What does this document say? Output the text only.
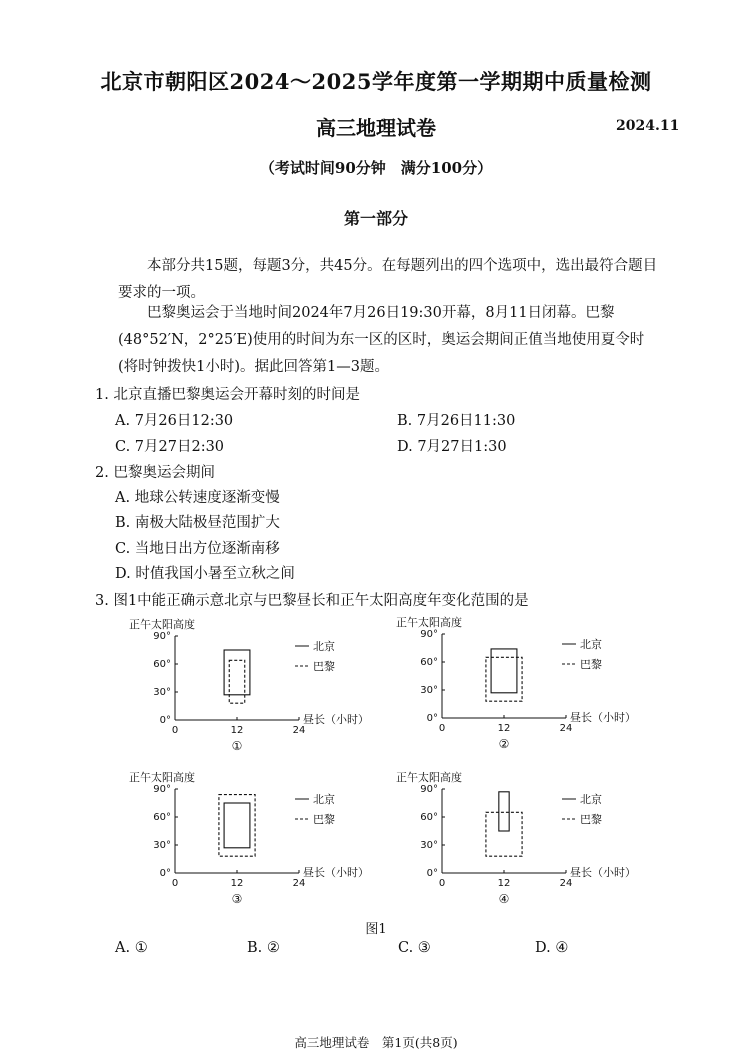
北京市朝阳区2024～2025学年度第一学期期中质量检测
高三地理试卷	2024.11
（考试时间90分钟　满分100分）
第一部分
本部分共15题，每题3分，共45分。在每题列出的四个选项中，选出最符合题目要求的一项。
巴黎奥运会于当地时间2024年7月26日19:30开幕，8月11日闭幕。巴黎(48°52′N，2°25′E)使用的时间为东一区的区时，奥运会期间正值当地使用夏令时(将时钟拨快1小时)。据此回答第1—3题。
1. 北京直播巴黎奥运会开幕时刻的时间是
A. 7月26日12:30	B. 7月26日11:30
C. 7月27日2:30	D. 7月27日1:30
2. 巴黎奥运会期间
A. 地球公转速度逐渐变慢
B. 南极大陆极昼范围扩大
C. 当地日出方位逐渐南移
D. 时值我国小暑至立秋之间
3. 图1中能正确示意北京与巴黎昼长和正午太阳高度年变化范围的是
正午太阳高度
0°
30°
60°
90°
0	12	24
昼长（小时）
①
北京
巴黎
正午太阳高度
0°
30°
60°
90°
0	12	24
昼长（小时）
②
北京
巴黎
正午太阳高度
0°
30°
60°
90°
0	12	24
昼长（小时）
③
北京
巴黎
正午太阳高度
0°
30°
60°
90°
0	12	24
昼长（小时）
④
北京
巴黎
图1
A. ①	B. ②	C. ③	D. ④
高三地理试卷　第1页(共8页)
